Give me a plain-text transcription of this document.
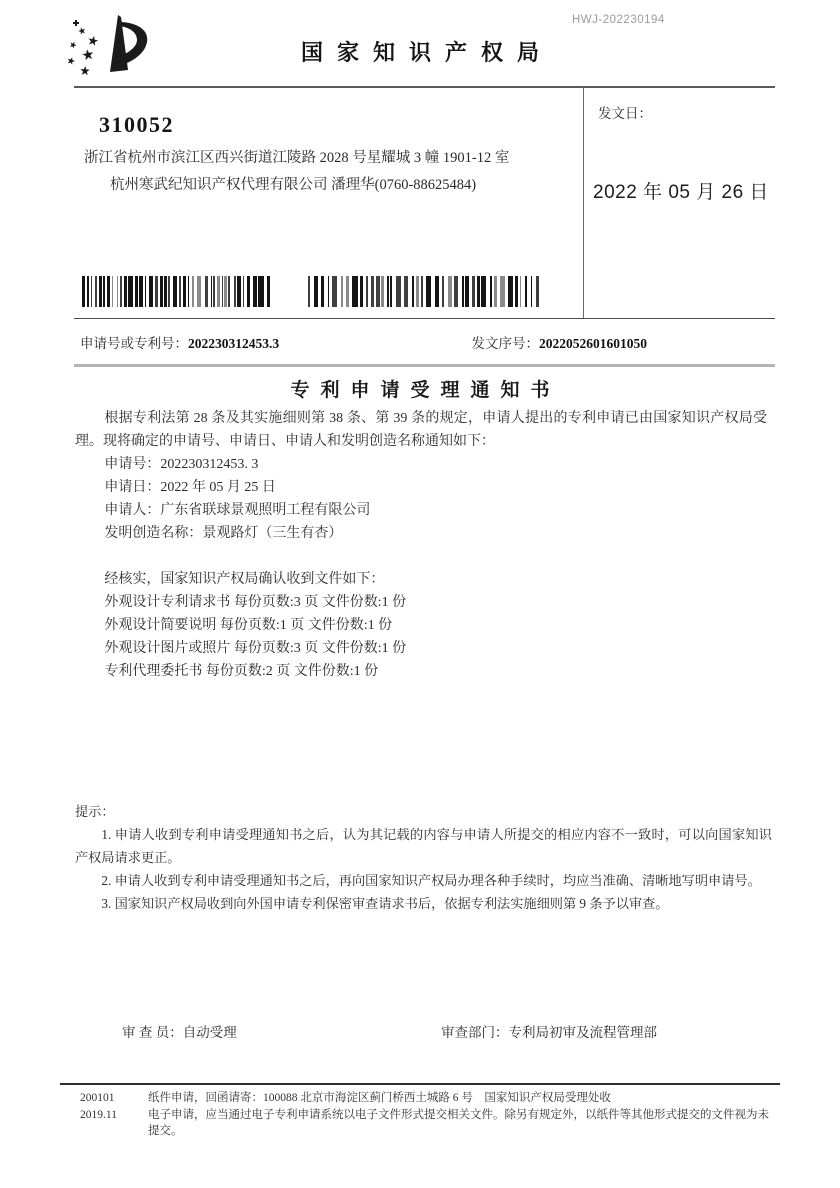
HWJ-202230194
国家知识产权局
310052
浙江省杭州市滨江区西兴街道江陵路 2028 号星耀城 3 幢 1901-12 室
杭州寒武纪知识产权代理有限公司 潘理华(0760-88625484)
发文日：
2022 年 05 月 26 日
申请号或专利号：202230312453.3	发文序号：2022052601601050
专利申请受理通知书

根据专利法第 28 条及其实施细则第 38 条、第 39 条的规定，申请人提出的专利申请已由国家知识产权局受理。现将确定的申请号、申请日、申请人和发明创造名称通知如下：

申请号：202230312453. 3
申请日：2022 年 05 月 25 日
申请人：广东省联球景观照明工程有限公司
发明创造名称：景观路灯（三生有杏）
经核实，国家知识产权局确认收到文件如下：
外观设计专利请求书 每份页数:3 页 文件份数:1 份
外观设计简要说明 每份页数:1 页 文件份数:1 份
外观设计图片或照片 每份页数:3 页 文件份数:1 份
专利代理委托书 每份页数:2 页 文件份数:1 份

提示：

1. 申请人收到专利申请受理通知书之后，认为其记载的内容与申请人所提交的相应内容不一致时，可以向国家知识产权局请求更正。

2. 申请人收到专利申请受理通知书之后，再向国家知识产权局办理各种手续时，均应当准确、清晰地写明申请号。

3. 国家知识产权局收到向外国申请专利保密审查请求书后，依据专利法实施细则第 9 条予以审查。

审 查 员：自动受理	审查部门：专利局初审及流程管理部
200101
2019.11
纸件申请，回函请寄：100088 北京市海淀区蓟门桥西土城路 6 号　国家知识产权局受理处收
电子申请，应当通过电子专利申请系统以电子文件形式提交相关文件。除另有规定外，以纸件等其他形式提交的文件视为未提交。
